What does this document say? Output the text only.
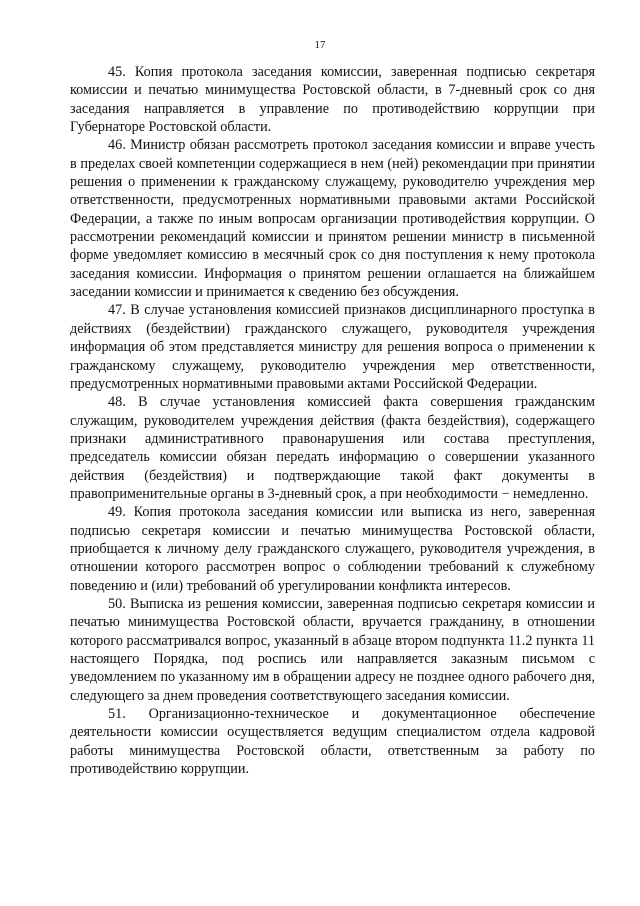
17

45. Копия протокола заседания комиссии, заверенная подписью секретаря комиссии и печатью минимущества Ростовской области, в 7-дневный срок со дня заседания направляется в управление по противодействию коррупции при Губернаторе Ростовской области.

46. Министр обязан рассмотреть протокол заседания комиссии и вправе учесть в пределах своей компетенции содержащиеся в нем (ней) рекомендации при принятии решения о применении к гражданскому служащему, руководителю учреждения мер ответственности, предусмотренных нормативными правовыми актами Российской Федерации, а также по иным вопросам организации противодействия коррупции. О рассмотрении рекомендаций комиссии и принятом решении министр в письменной форме уведомляет комиссию в месячный срок со дня поступления к нему протокола заседания комиссии. Информация о принятом решении оглашается на ближайшем заседании комиссии и принимается к сведению без обсуждения.

47. В случае установления комиссией признаков дисциплинарного проступка в действиях (бездействии) гражданского служащего, руководителя учреждения информация об этом представляется министру для решения вопроса о применении к гражданскому служащему, руководителю учреждения мер ответственности, предусмотренных нормативными правовыми актами Российской Федерации.

48. В случае установления комиссией факта совершения гражданским служащим, руководителем учреждения действия (факта бездействия), содержащего признаки административного правонарушения или состава преступления, председатель комиссии обязан передать информацию о совершении указанного действия (бездействия) и подтверждающие такой факт документы в правоприменительные органы в 3-дневный срок, а при необходимости − немедленно.

49. Копия протокола заседания комиссии или выписка из него, заверенная подписью секретаря комиссии и печатью минимущества Ростовской области, приобщается к личному делу гражданского служащего, руководителя учреждения, в отношении которого рассмотрен вопрос о соблюдении требований к служебному поведению и (или) требований об урегулировании конфликта интересов.

50. Выписка из решения комиссии, заверенная подписью секретаря комиссии и печатью минимущества Ростовской области, вручается гражданину, в отношении которого рассматривался вопрос, указанный в абзаце втором подпункта 11.2 пункта 11 настоящего Порядка, под роспись или направляется заказным письмом с уведомлением по указанному им в обращении адресу не позднее одного рабочего дня, следующего за днем проведения соответствующего заседания комиссии.

51. Организационно-техническое и документационное обеспечение деятельности комиссии осуществляется ведущим специалистом отдела кадровой работы минимущества Ростовской области, ответственным за работу по противодействию коррупции.
